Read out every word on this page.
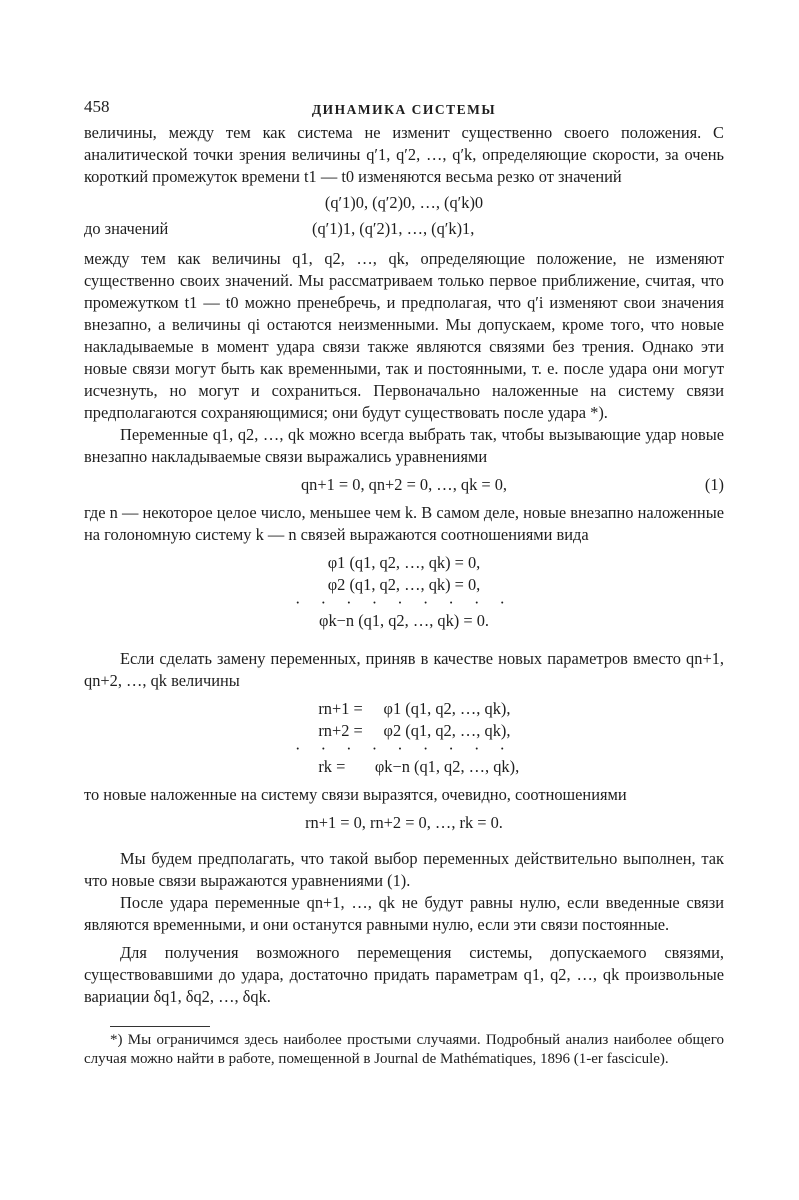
458	ДИНАМИКА СИСТЕМЫ

величины, между тем как система не изменит существенно своего положения. С аналитической точки зрения величины q′1, q′2, …, q′k, определяющие скорости, за очень короткий промежуток времени t1 — t0 изменяются весьма резко от значений

(q′1)0, (q′2)0, …, (q′k)0

до значений	(q′1)1, (q′2)1, …, (q′k)1,

между тем как величины q1, q2, …, qk, определяющие положение, не изменяют существенно своих значений. Мы рассматриваем только первое приближение, считая, что промежутком t1 — t0 можно пренебречь, и предполагая, что q′i изменяют свои значения внезапно, а величины qi остаются неизменными. Мы допускаем, кроме того, что новые накладываемые в момент удара связи также являются связями без трения. Однако эти новые связи могут быть как временными, так и постоянными, т. е. после удара они могут исчезнуть, но могут и сохраниться. Первоначально наложенные на систему связи предполагаются сохраняющимися; они будут существовать после удара *).

Переменные q1, q2, …, qk можно всегда выбрать так, чтобы вызывающие удар новые внезапно накладываемые связи выражались уравнениями

qn+1 = 0, qn+2 = 0, …, qk = 0,	(1)

где n — некоторое целое число, меньшее чем k. В самом деле, новые внезапно наложенные на голономную систему k — n связей выражаются соотношениями вида

φ1 (q1, q2, …, qk) = 0,

φ2 (q1, q2, …, qk) = 0,

· · · · · · · · ·

φk−n (q1, q2, …, qk) = 0.

Если сделать замену переменных, приняв в качестве новых параметров вместо qn+1, qn+2, …, qk величины

rn+1 = φ1 (q1, q2, …, qk),

rn+2 = φ2 (q1, q2, …, qk),

· · · · · · · · ·

rk = φk−n (q1, q2, …, qk),

то новые наложенные на систему связи выразятся, очевидно, соотношениями

rn+1 = 0, rn+2 = 0, …, rk = 0.

Мы будем предполагать, что такой выбор переменных действительно выполнен, так что новые связи выражаются уравнениями (1).

После удара переменные qn+1, …, qk не будут равны нулю, если введенные связи являются временными, и они останутся равными нулю, если эти связи постоянные.

Для получения возможного перемещения системы, допускаемого связями, существовавшими до удара, достаточно придать параметрам q1, q2, …, qk произвольные вариации δq1, δq2, …, δqk.

*) Мы ограничимся здесь наиболее простыми случаями. Подробный анализ наиболее общего случая можно найти в работе, помещенной в Journal de Mathématiques, 1896 (1-er fascicule).
